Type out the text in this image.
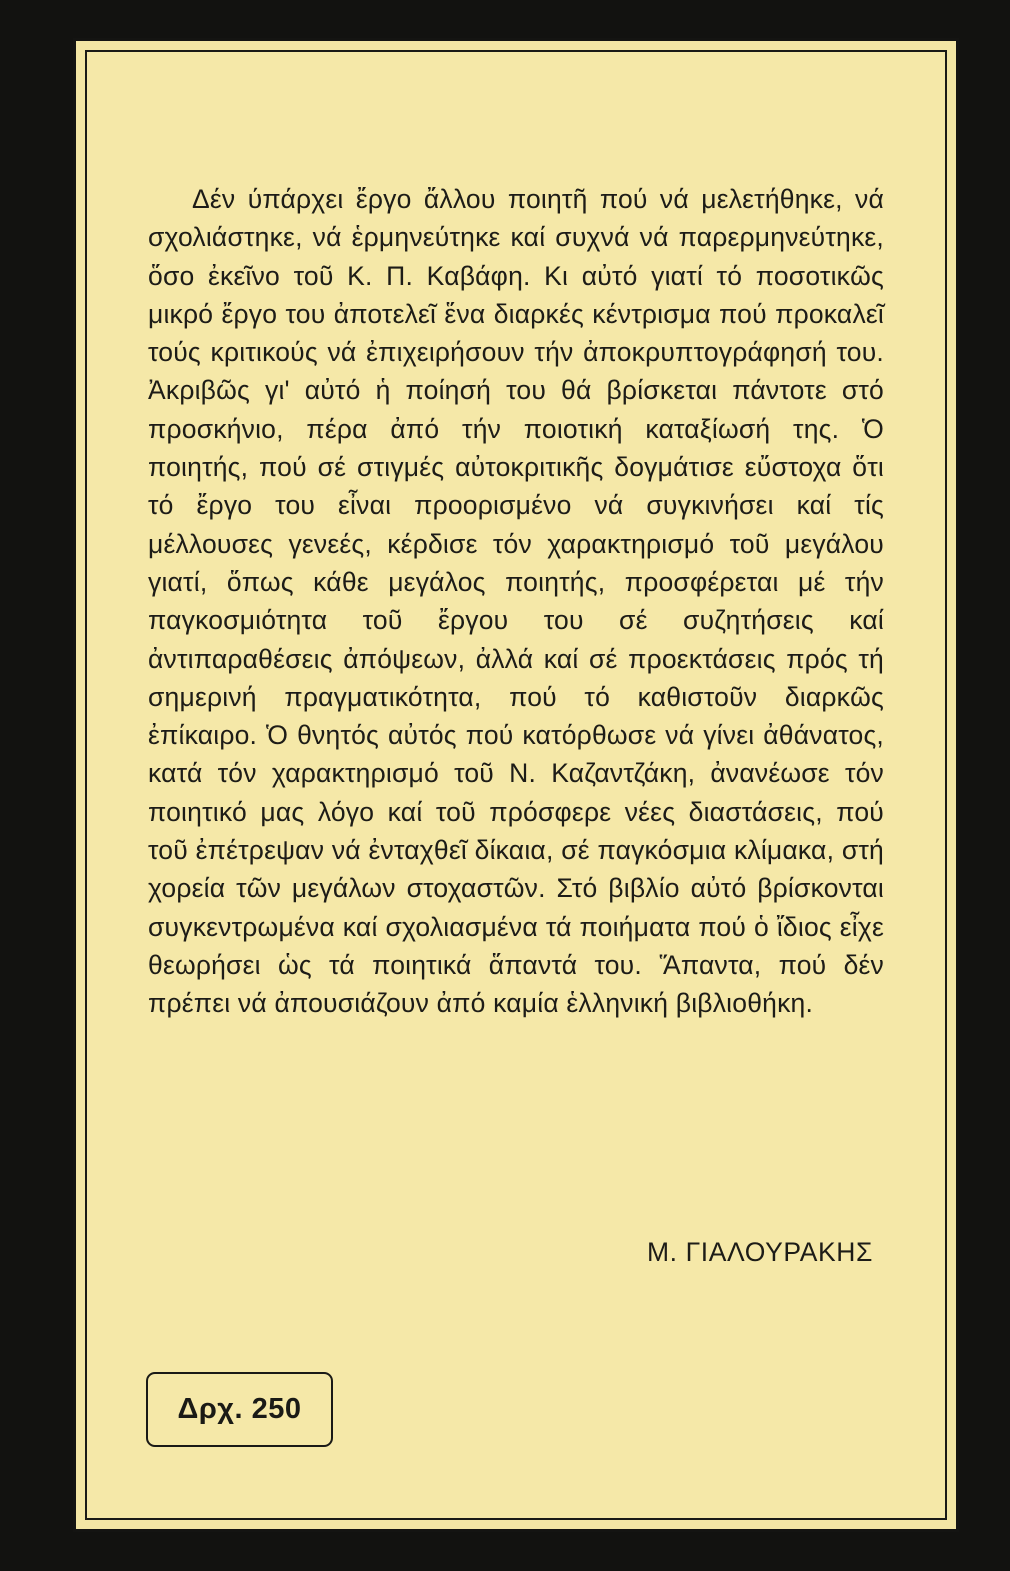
Δέν ύπάρχει ἔργο ἄλλου ποιητῆ πού νά μελετήθηκε, νά σχολιάστηκε, νά ἑρμηνεύτηκε καί συχνά νά παρερμηνεύτηκε, ὅσο ἐκεῖνο τοῦ Κ. Π. Καβάφη. Κι αὐτό γιατί τό ποσοτικῶς μικρό ἔργο του ἀποτελεῖ ἕνα διαρκές κέντρισμα πού προκαλεῖ τούς κριτικούς νά ἐπιχειρήσουν τήν ἀποκρυπτογράφησή του. Ἀκριβῶς γι' αὐτό ἡ ποίησή του θά βρίσκεται πάντοτε στό προσκήνιο, πέρα ἀπό τήν ποιοτική καταξίωσή της. Ὁ ποιητής, πού σέ στιγμές αὐτοκριτικῆς δογμάτισε εὔστοχα ὅτι τό ἔργο του εἶναι προορισμένο νά συγκινήσει καί τίς μέλλουσες γενεές, κέρδισε τόν χαρακτηρισμό τοῦ μεγάλου γιατί, ὅπως κάθε μεγάλος ποιητής, προσφέρεται μέ τήν παγκοσμιότητα τοῦ ἔργου του σέ συζητήσεις καί ἀντιπαραθέσεις ἀπόψεων, ἀλλά καί σέ προεκτάσεις πρός τή σημερινή πραγματικότητα, πού τό καθιστοῦν διαρκῶς ἐπίκαιρο. Ὁ θνητός αὐτός πού κατόρθωσε νά γίνει ἀθάνατος, κατά τόν χαρακτηρισμό τοῦ Ν. Καζαντζάκη, ἀνανέωσε τόν ποιητικό μας λόγο καί τοῦ πρόσφερε νέες διαστάσεις, πού τοῦ ἐπέτρεψαν νά ἐνταχθεῖ δίκαια, σέ παγκόσμια κλίμακα, στή χορεία τῶν μεγάλων στοχαστῶν. Στό βιβλίο αὐτό βρίσκονται συγκεντρωμένα καί σχολιασμένα τά ποιήματα πού ὁ ἴδιος εἶχε θεωρήσει ὡς τά ποιητικά ἅπαντά του. Ἅπαντα, πού δέν πρέπει νά ἀπουσιάζουν ἀπό καμία ἑλληνική βιβλιοθήκη.

Μ. ΓΙΑΛΟΥΡΑΚΗΣ

Δρχ.
250
